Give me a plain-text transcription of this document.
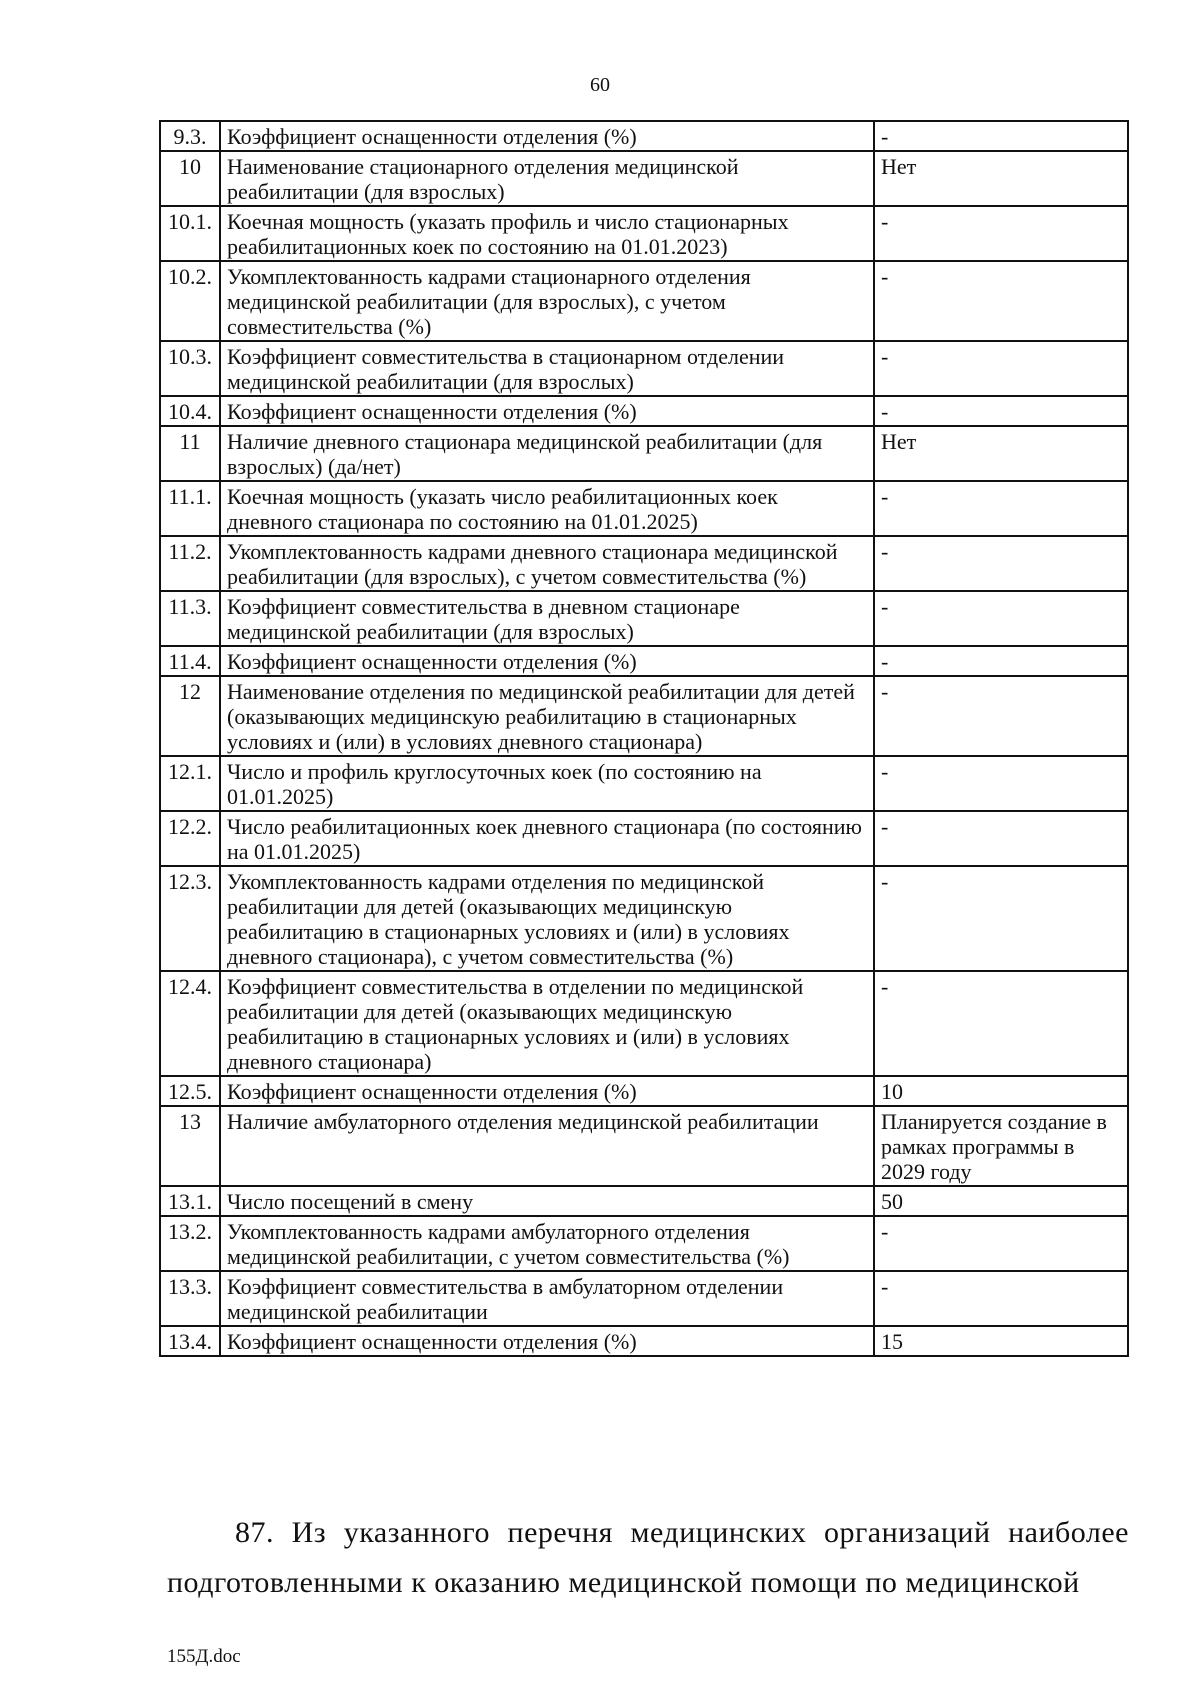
60
9.3.	Коэффициент оснащенности отделения (%)	-
10	Наименование стационарного отделения медицинской реабилитации (для взрослых)	Нет
10.1.	Коечная мощность (указать профиль и число стационарных реабилитационных коек по состоянию на 01.01.2023)	-
10.2.	Укомплектованность кадрами стационарного отделения медицинской реабилитации (для взрослых), с учетом совместительства (%)	-
10.3.	Коэффициент совместительства в стационарном отделении медицинской реабилитации (для взрослых)	-
10.4.	Коэффициент оснащенности отделения (%)	-
11	Наличие дневного стационара медицинской реабилитации (для взрослых) (да/нет)	Нет
11.1.	Коечная мощность (указать число реабилитационных коек дневного стационара по состоянию на 01.01.2025)	-
11.2.	Укомплектованность кадрами дневного стационара медицинской реабилитации (для взрослых), с учетом совместительства (%)	-
11.3.	Коэффициент совместительства в дневном стационаре медицинской реабилитации (для взрослых)	-
11.4.	Коэффициент оснащенности отделения (%)	-
12	Наименование отделения по медицинской реабилитации для детей (оказывающих медицинскую реабилитацию в стационарных условиях и (или) в условиях дневного стационара)	-
12.1.	Число и профиль круглосуточных коек (по состоянию на 01.01.2025)	-
12.2.	Число реабилитационных коек дневного стационара (по состоянию на 01.01.2025)	-
12.3.	Укомплектованность кадрами отделения по медицинской реабилитации для детей (оказывающих медицинскую реабилитацию в стационарных условиях и (или) в условиях дневного стационара), с учетом совместительства (%)	-
12.4.	Коэффициент совместительства в отделении по медицинской реабилитации для детей (оказывающих медицинскую реабилитацию в стационарных условиях и (или) в условиях дневного стационара)	-
12.5.	Коэффициент оснащенности отделения (%)	10
13	Наличие амбулаторного отделения медицинской реабилитации	Планируется создание в рамках программы в 2029 году
13.1.	Число посещений в смену	50
13.2.	Укомплектованность кадрами амбулаторного отделения медицинской реабилитации, с учетом совместительства (%)	-
13.3.	Коэффициент совместительства в амбулаторном отделении медицинской реабилитации	-
13.4.	Коэффициент оснащенности отделения (%)	15
87. Из указанного перечня медицинских организаций наиболее подготовленными к оказанию медицинской помощи по медицинской
155Д.doc
